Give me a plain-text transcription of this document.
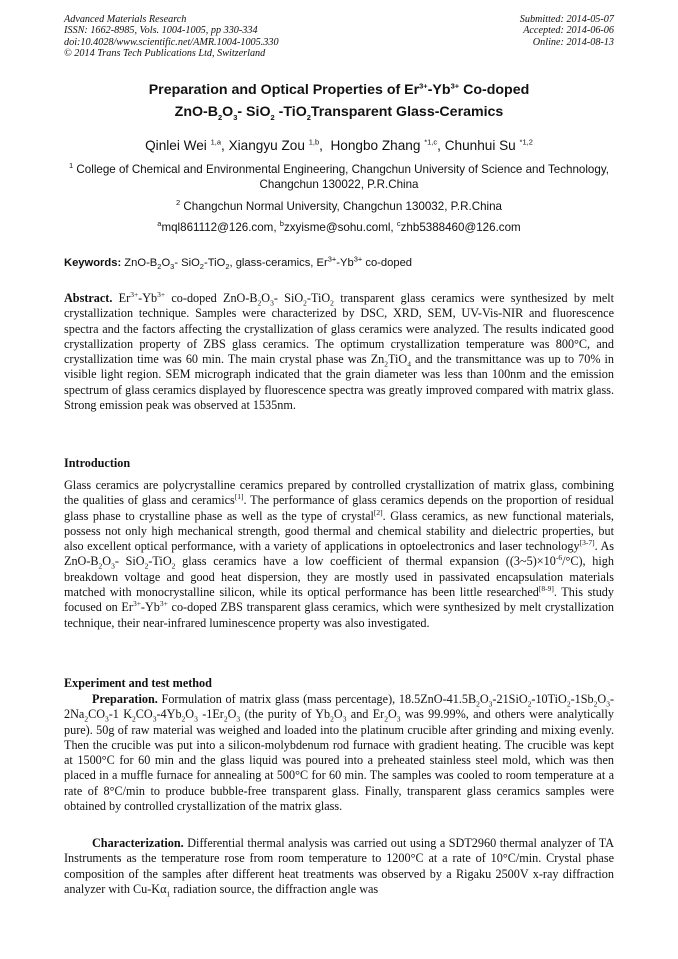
Advanced Materials Research
ISSN: 1662-8985, Vols. 1004-1005, pp 330-334
doi:10.4028/www.scientific.net/AMR.1004-1005.330
© 2014 Trans Tech Publications Ltd, Switzerland
Submitted: 2014-05-07
Accepted: 2014-06-06
Online: 2014-08-13
Preparation and Optical Properties of $Er^{3+}-Yb^{3+}$ Co-doped
ZnO-$B_2O_3-$ SiO$_2$ -TiO$_2$Transparent Glass-Ceramics
Qinlei Wei $^{1,a}$, Xiangyu Zou $^{1,b}$,  Hongbo Zhang $^{*1,c}$, Chunhui Su $^{*1,2}$
$^1$ College of Chemical and Environmental Engineering, Changchun University of Science and Technology, Changchun 130022, P.R.China
$^2$ Changchun Normal University, Changchun 130032, P.R.China
$^a$mql861112@126.com, $^b$zxyisme@sohu.coml, $^c$zhb5388460@126.com
Keywords: ZnO-$B_2O_3-$ SiO$_2$-TiO$_2$, glass-ceramics, $Er^{3+}-Yb^{3+}$ co-doped
Abstract. $Er^{3+}-Yb^{3+}$ co-doped ZnO-$B_2O_3-$ SiO$_2$-TiO$_2$ transparent glass ceramics were synthesized by melt crystallization technique. Samples were characterized by DSC, XRD, SEM, UV-Vis-NIR and fluorescence spectra and the factors affecting the crystallization of glass ceramics were analyzed. The results indicated good crystallization property of ZBS glass ceramics. The optimum crystallization temperature was 800°C, and crystallization time was 60 min. The main crystal phase was $Zn_2TiO_4$ and the transmittance was up to 70% in visible light region. SEM micrograph indicated that the grain diameter was less than 100nm and the emission spectrum of glass ceramics displayed by fluorescence spectra was greatly improved compared with matrix glass. Strong emission peak was observed at 1535nm.
Introduction
Glass ceramics are polycrystalline ceramics prepared by controlled crystallization of matrix glass, combining the qualities of glass and ceramics[1]. The performance of glass ceramics depends on the proportion of residual glass phase to crystalline phase as well as the type of crystal[2]. Glass ceramics, as new functional materials, possess not only high mechanical strength, good thermal and chemical stability and dielectric properties, but also excellent optical performance, with a variety of applications in optoelectronics and laser technology[3-7]. As ZnO-$B_2O_3-$ SiO$_2$-TiO$_2$ glass ceramics have a low coefficient of thermal expansion $((3\sim 5)\times 10^{-6}/^\circ C)$, high breakdown voltage and good heat dispersion, they are mostly used in passivated encapsulation materials matched with monocrystalline silicon, while its optical performance has been little researched[8-9]. This study focused on $Er^{3+}-Yb^{3+}$ co-doped ZBS transparent glass ceramics, which were synthesized by melt crystallization technique, their near-infrared luminescence property was also investigated.
Experiment and test method
Preparation. Formulation of matrix glass (mass percentage), $18.5ZnO-41.5B_2O_3-21SiO_2-10TiO_2-1Sb_2O_3-2Na_2CO_3-1$ $K_2CO_3-4Yb_2O_3$ $-1Er_2O_3$ (the purity of $Yb_2O_3$ and $Er_2O_3$ was 99.99%, and others were analytically pure). 50g of raw material was weighed and loaded into the platinum crucible after grinding and mixing evenly. Then the crucible was put into a silicon-molybdenum rod furnace with gradient heating. The crucible was kept at 1500°C for 60 min and the glass liquid was poured into a preheated stainless steel mold, which was then placed in a muffle furnace for annealing at 500°C for 60 min. The samples was cooled to room temperature at a rate of 8°C/min to produce bubble-free transparent glass. Finally, transparent glass ceramics samples were obtained by controlled crystallization of the matrix glass.
Characterization. Differential thermal analysis was carried out using a SDT2960 thermal analyzer of TA Instruments as the temperature rose from room temperature to 1200°C at a rate of 10°C/min. Crystal phase composition of the samples after different heat treatments was observed by a Rigaku 2500V x-ray diffraction analyzer with $Cu-K\alpha_1$ radiation source, the diffraction angle was
